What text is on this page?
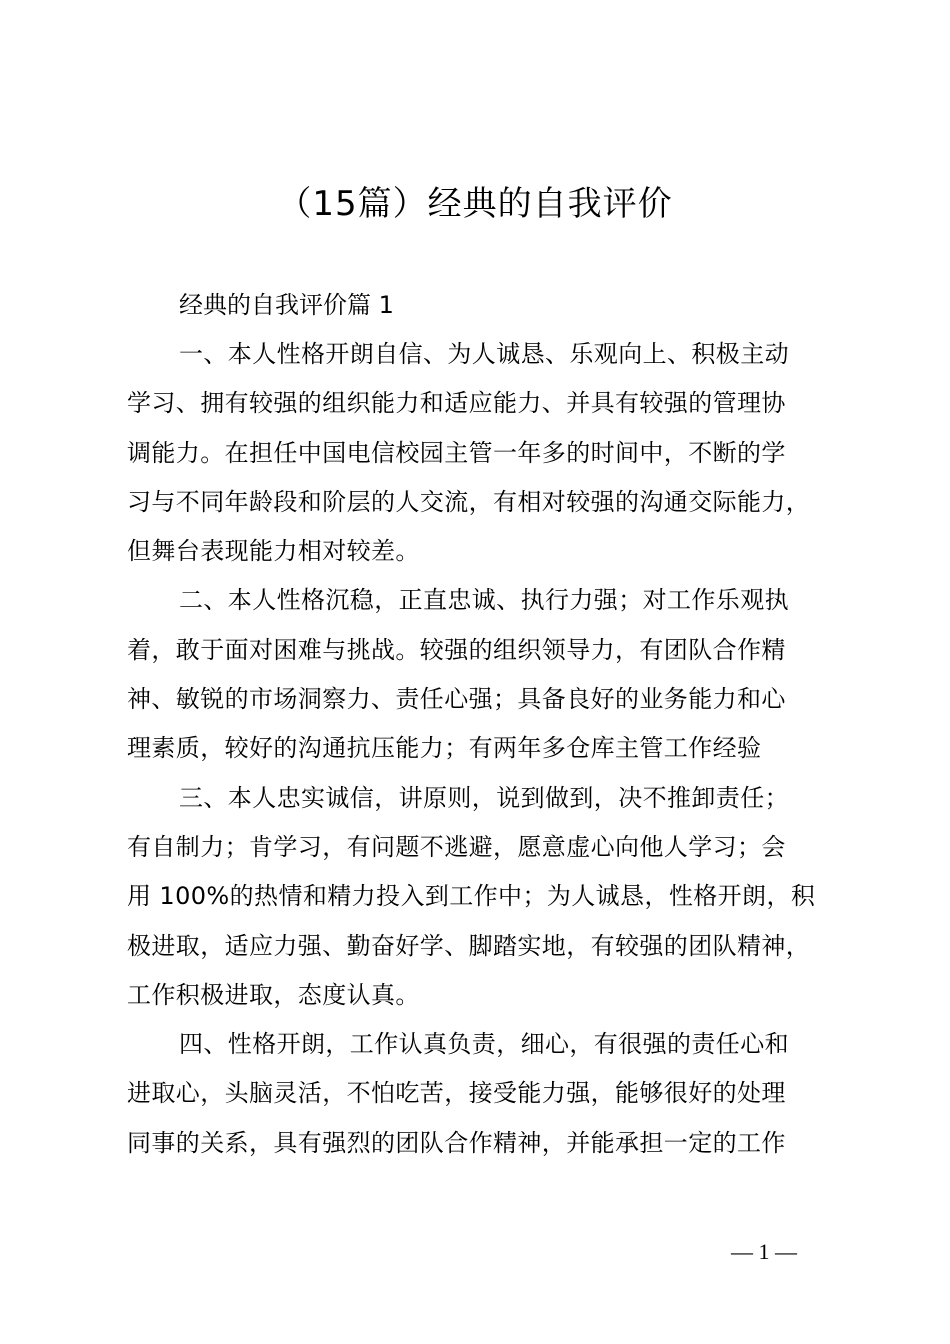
（15篇）经典的自我评价

经典的自我评价篇 1

一、本人性格开朗自信、为人诚恳、乐观向上、积极主动
学习、拥有较强的组织能力和适应能力、并具有较强的管理协
调能力。在担任中国电信校园主管一年多的时间中，不断的学
习与不同年龄段和阶层的人交流，有相对较强的沟通交际能力，
但舞台表现能力相对较差。

二、本人性格沉稳，正直忠诚、执行力强；对工作乐观执
着，敢于面对困难与挑战。较强的组织领导力，有团队合作精
神、敏锐的市场洞察力、责任心强；具备良好的业务能力和心
理素质，较好的沟通抗压能力；有两年多仓库主管工作经验

三、本人忠实诚信，讲原则，说到做到，决不推卸责任；
有自制力；肯学习，有问题不逃避，愿意虚心向他人学习；会
用 100%的热情和精力投入到工作中；为人诚恳，性格开朗，积
极进取，适应力强、勤奋好学、脚踏实地，有较强的团队精神，
工作积极进取，态度认真。

四、性格开朗，工作认真负责，细心，有很强的责任心和
进取心，头脑灵活，不怕吃苦，接受能力强，能够很好的处理
同事的关系，具有强烈的团队合作精神，并能承担一定的工作

— 1 —
